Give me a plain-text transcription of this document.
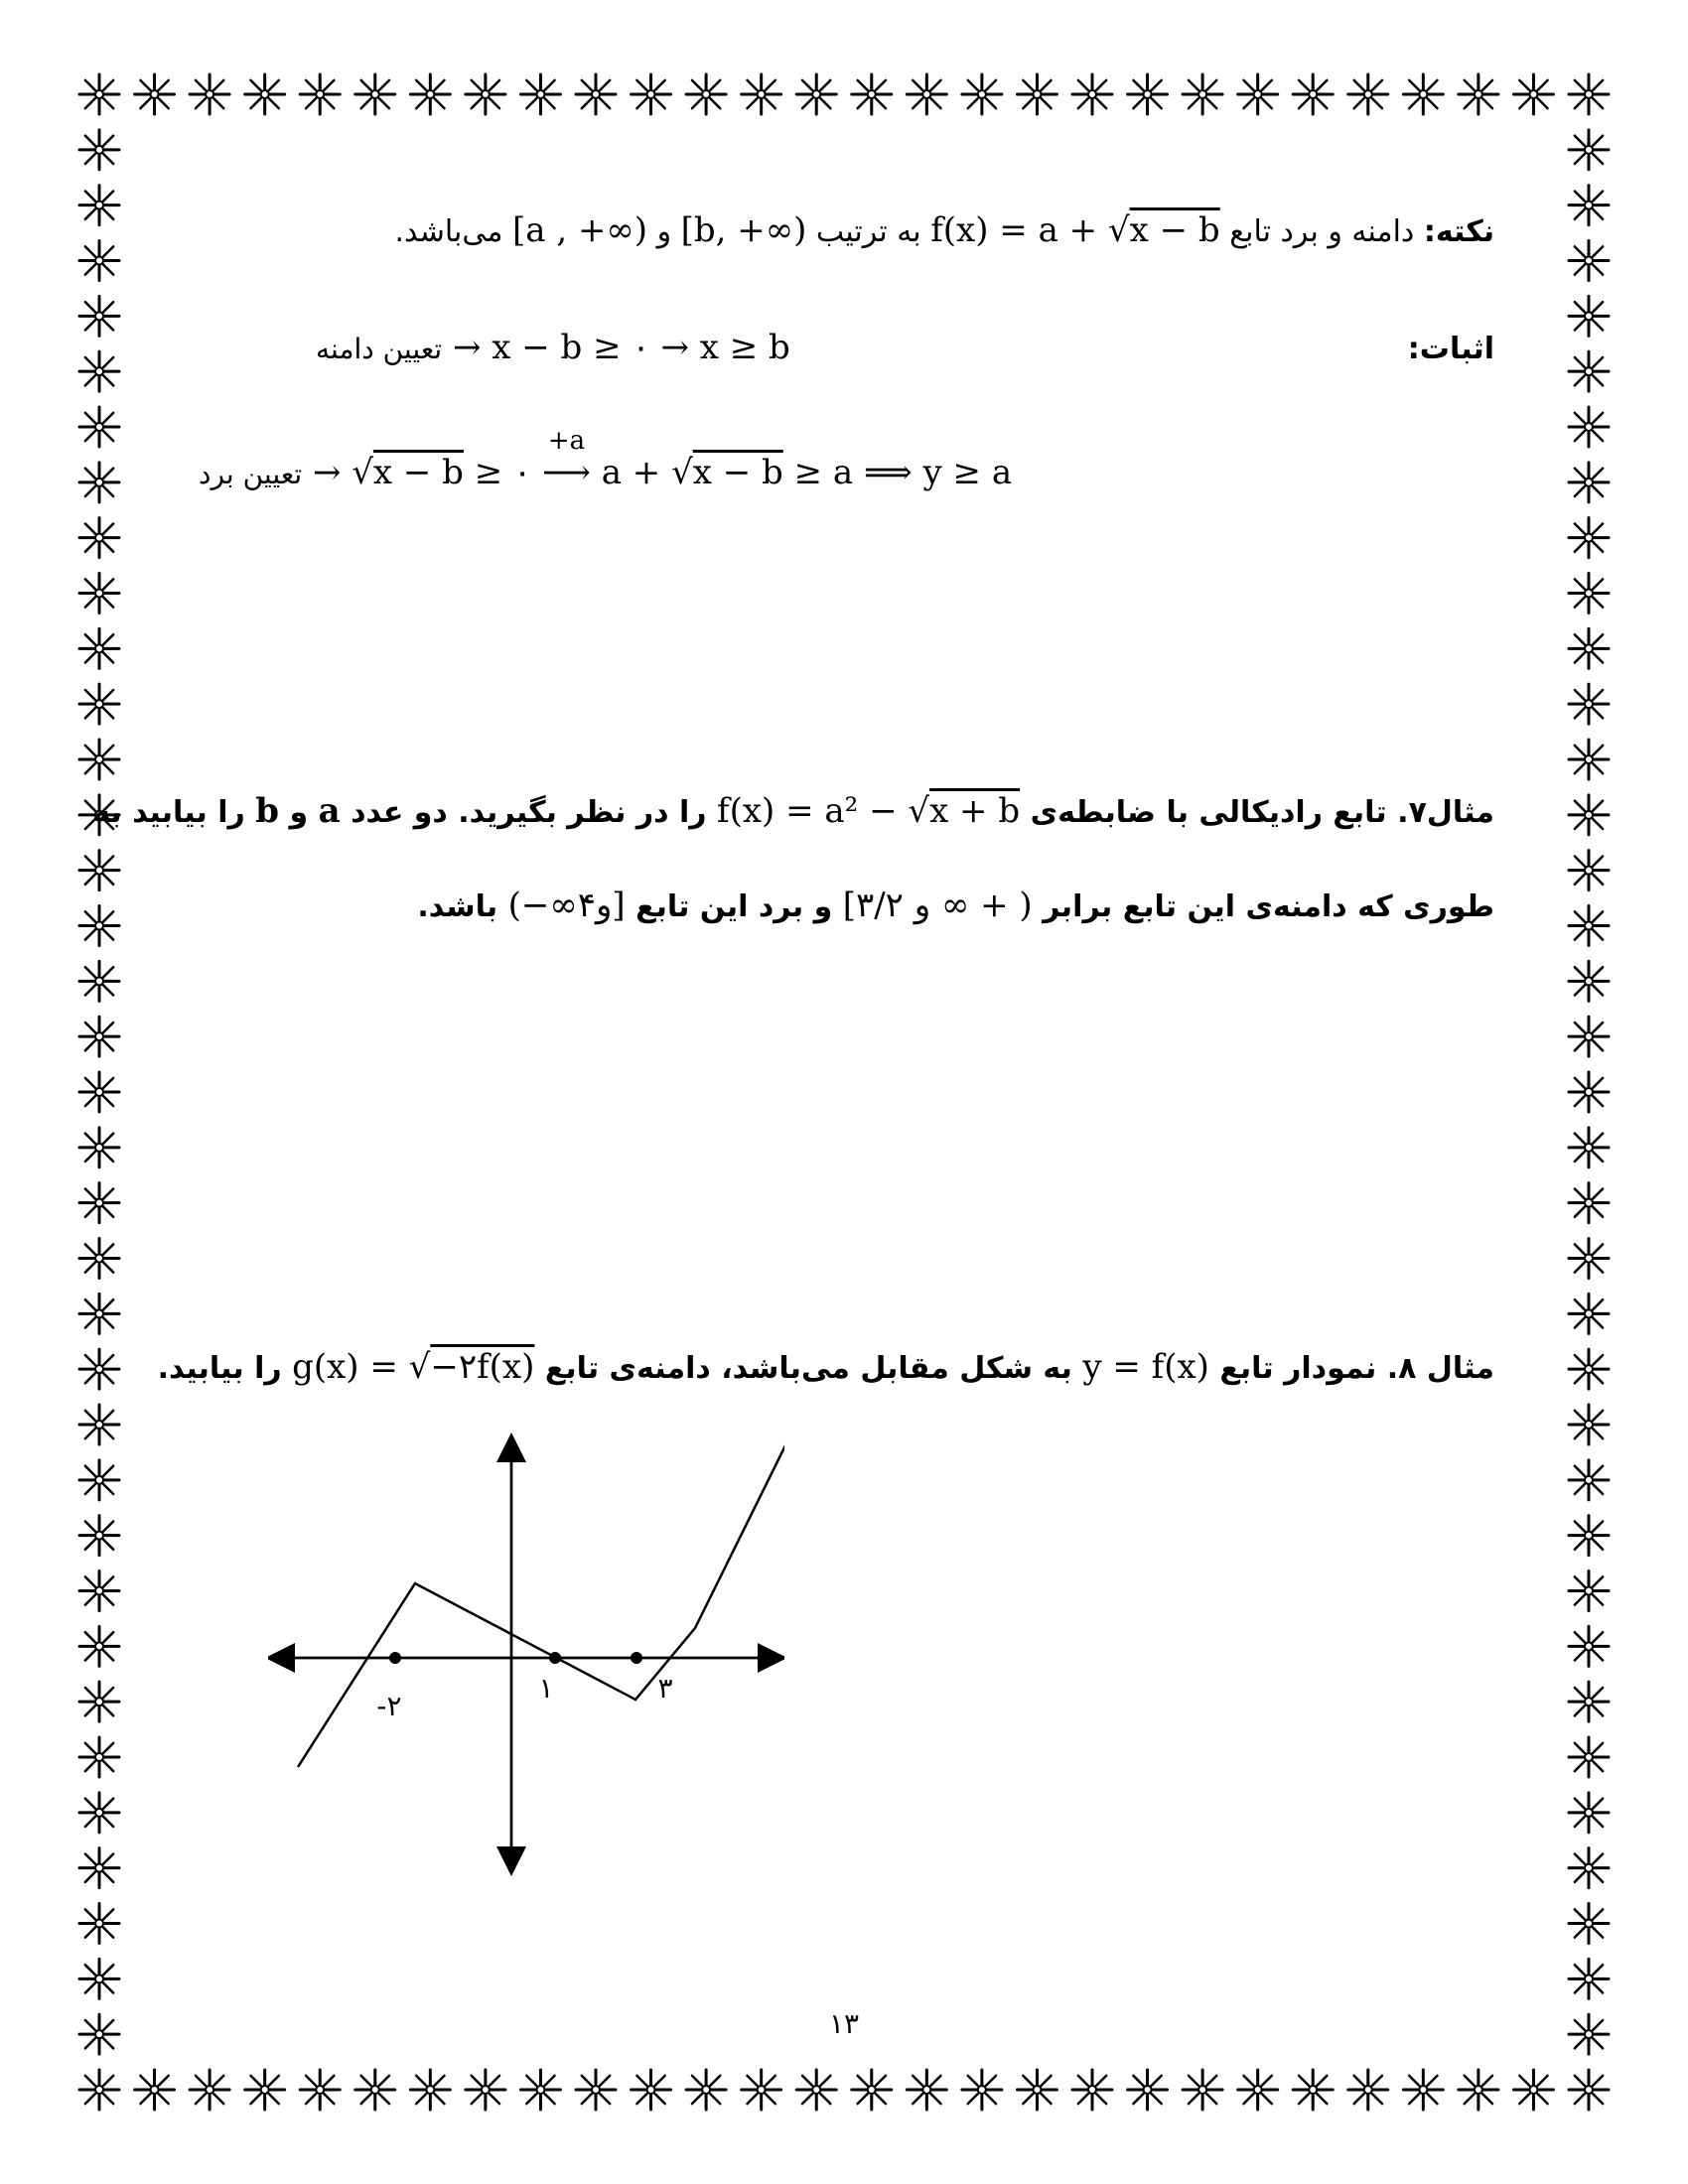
نکته: دامنه و برد تابع f(x) = a + √x − b به ترتیب [b, +∞) و [a , +∞) می‌باشد.
اثبات:
تعیین دامنه → x − b ≥ ۰ → x ≥ b
تعیین برد → √x − b ≥ ۰
+a
⟶ a + √x − b ≥ a ⟹ y ≥ a
مثال۷. تابع رادیکالی با ضابطه‌ی f(x) = a² − √x + b را در نظر بگیرید. دو عدد a و b را بیابید به
طوری که دامنه‌ی این تابع برابر [۳/۲ و ∞ + ) و برد این تابع (−∞و۴] باشد.
مثال ۸. نمودار تابع y = f(x) به شکل مقابل می‌باشد، دامنه‌ی تابع g(x) = √−۲f(x) را بیابید.
-۲
۱	۳
۱۳
